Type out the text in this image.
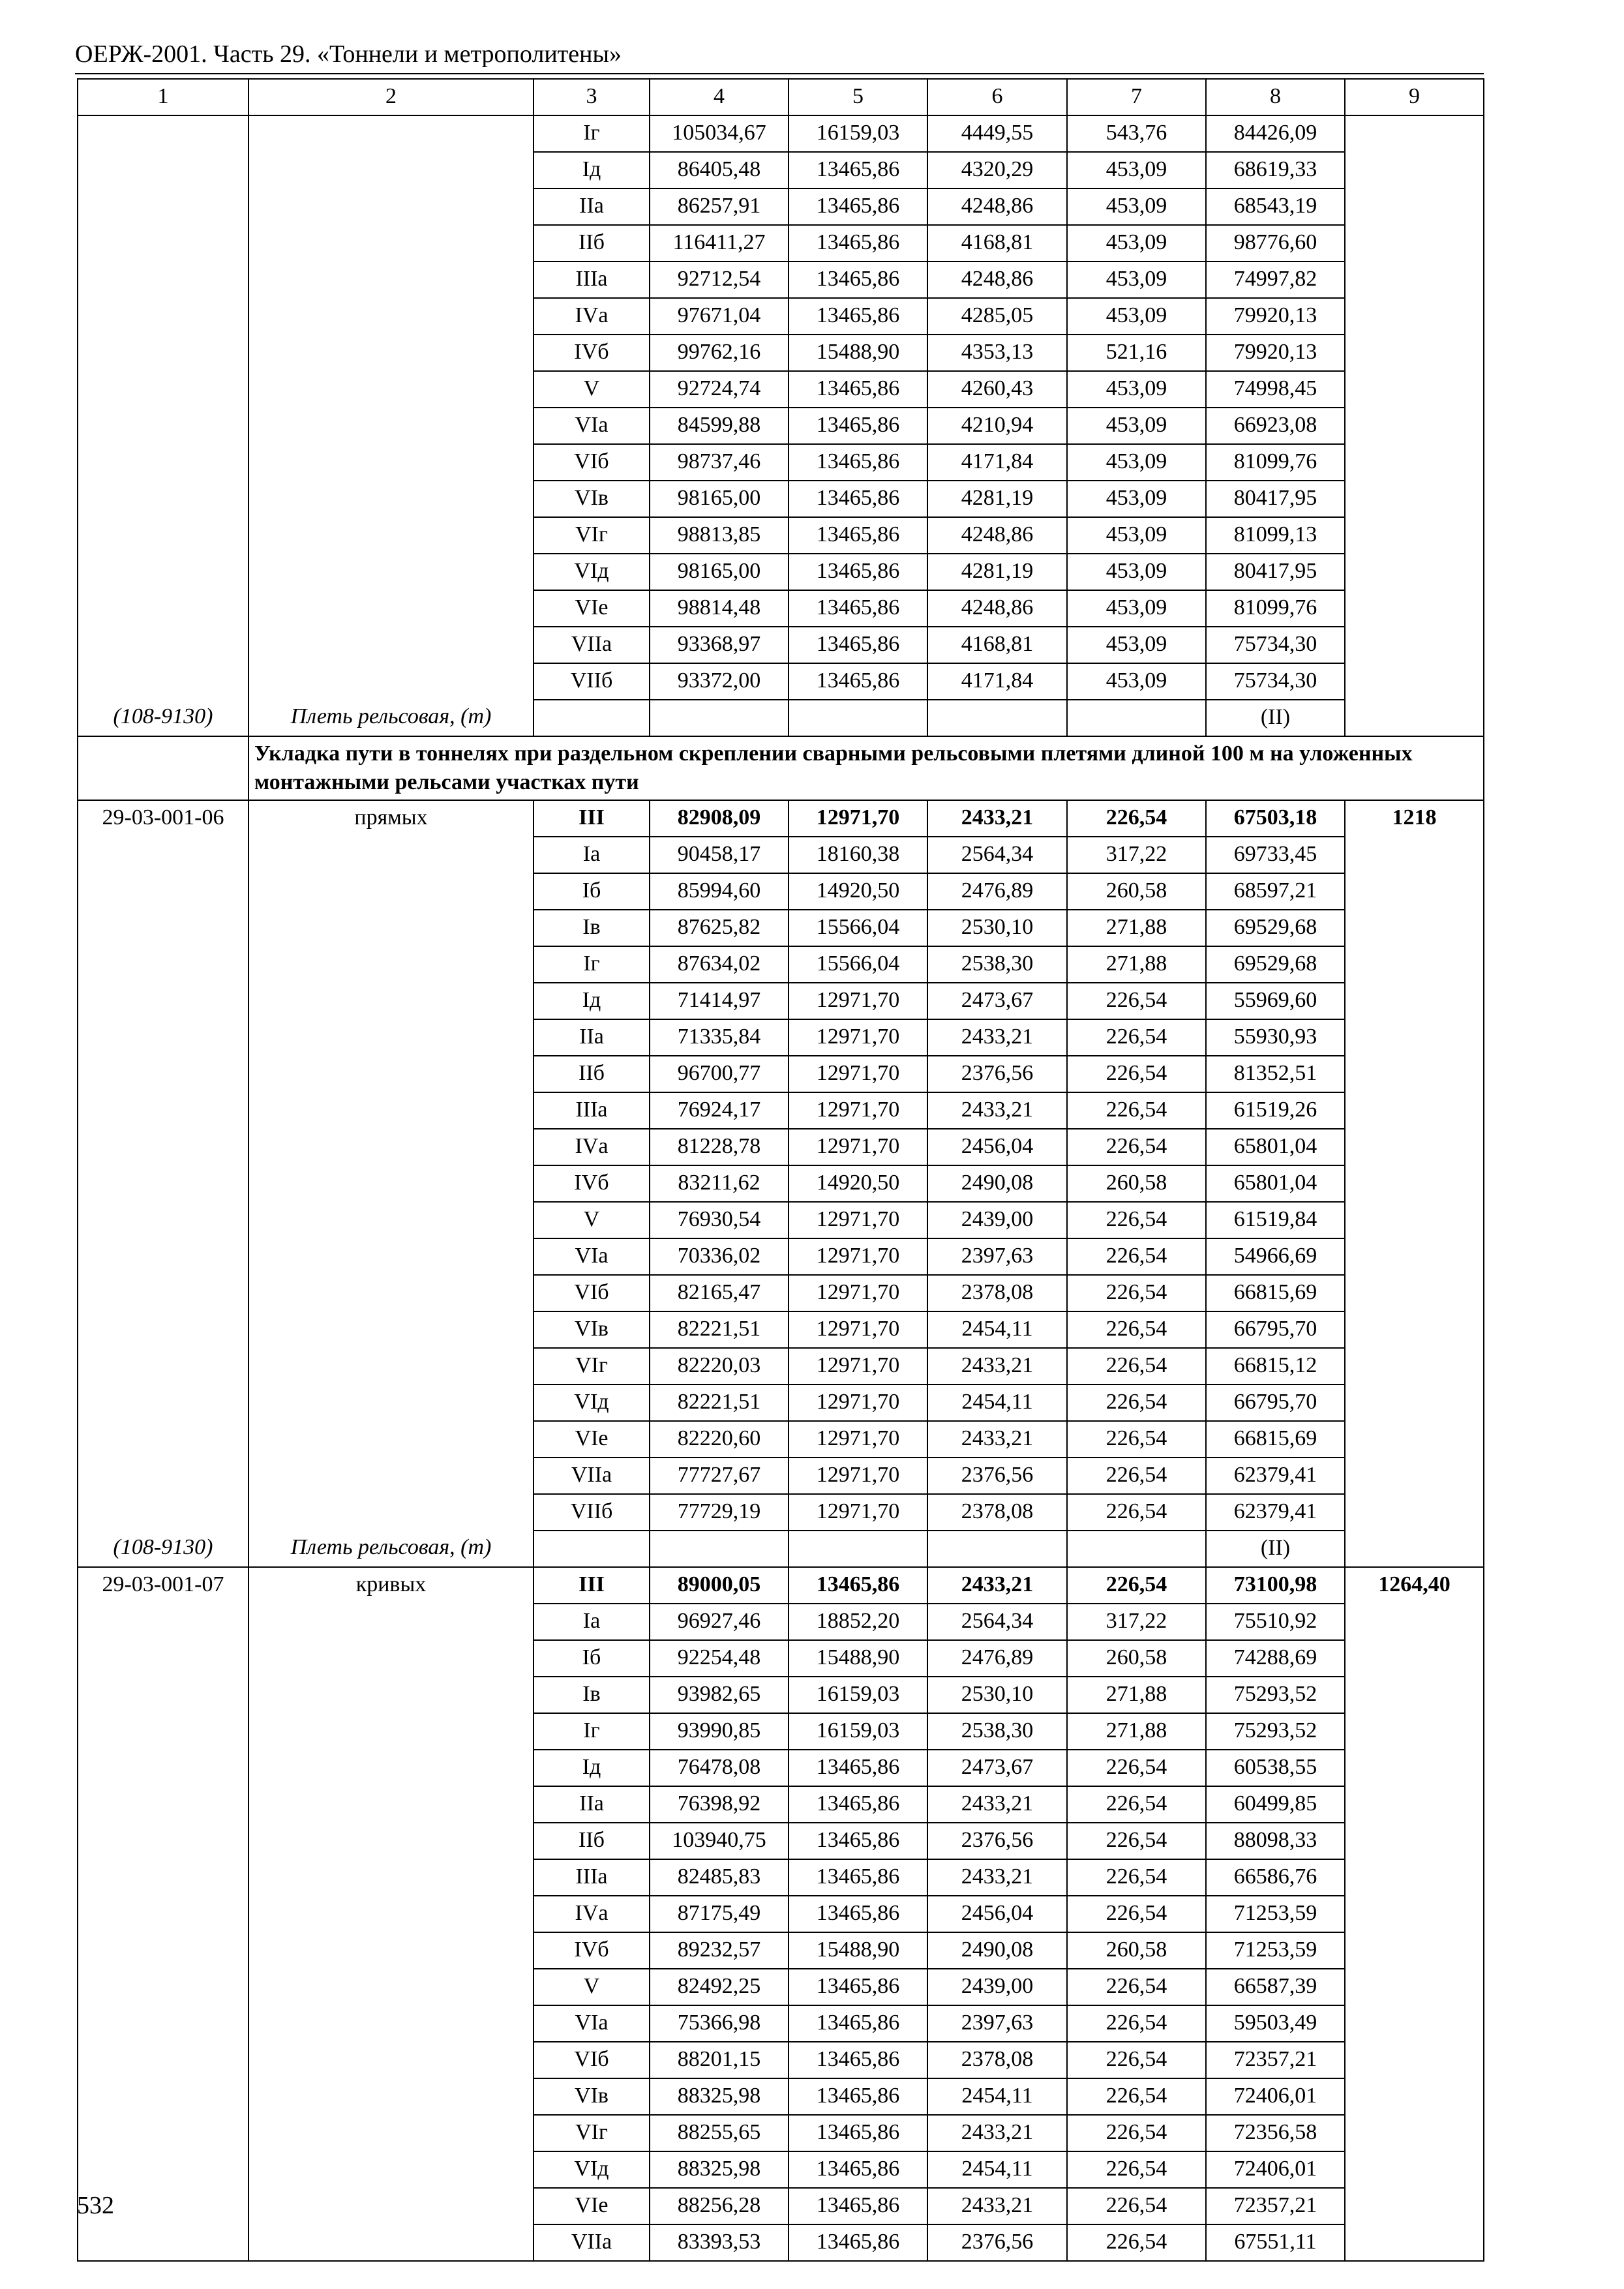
ОЕРЖ-2001. Часть 29. «Тоннели и метрополитены»
1	2	3	4	5	6	7	8	9
		Iг	105034,67	16159,03	4449,55	543,76	84426,09	
		Iд	86405,48	13465,86	4320,29	453,09	68619,33	
		IIа	86257,91	13465,86	4248,86	453,09	68543,19	
		IIб	116411,27	13465,86	4168,81	453,09	98776,60	
		IIIа	92712,54	13465,86	4248,86	453,09	74997,82	
		IVа	97671,04	13465,86	4285,05	453,09	79920,13	
		IVб	99762,16	15488,90	4353,13	521,16	79920,13	
		V	92724,74	13465,86	4260,43	453,09	74998,45	
		VIа	84599,88	13465,86	4210,94	453,09	66923,08	
		VIб	98737,46	13465,86	4171,84	453,09	81099,76	
		VIв	98165,00	13465,86	4281,19	453,09	80417,95	
		VIг	98813,85	13465,86	4248,86	453,09	81099,13	
		VIд	98165,00	13465,86	4281,19	453,09	80417,95	
		VIе	98814,48	13465,86	4248,86	453,09	81099,76	
		VIIа	93368,97	13465,86	4168,81	453,09	75734,30	
		VIIб	93372,00	13465,86	4171,84	453,09	75734,30	
(108-9130)	Плеть рельсовая, (т)						(II)	
	Укладка пути в тоннелях при раздельном скреплении сварными рельсовыми плетями длиной 100 м на уложенных монтажными рельсами участках пути							
29-03-001-06	прямых	III	82908,09	12971,70	2433,21	226,54	67503,18	1218
		Iа	90458,17	18160,38	2564,34	317,22	69733,45	
		Iб	85994,60	14920,50	2476,89	260,58	68597,21	
		Iв	87625,82	15566,04	2530,10	271,88	69529,68	
		Iг	87634,02	15566,04	2538,30	271,88	69529,68	
		Iд	71414,97	12971,70	2473,67	226,54	55969,60	
		IIа	71335,84	12971,70	2433,21	226,54	55930,93	
		IIб	96700,77	12971,70	2376,56	226,54	81352,51	
		IIIа	76924,17	12971,70	2433,21	226,54	61519,26	
		IVа	81228,78	12971,70	2456,04	226,54	65801,04	
		IVб	83211,62	14920,50	2490,08	260,58	65801,04	
		V	76930,54	12971,70	2439,00	226,54	61519,84	
		VIа	70336,02	12971,70	2397,63	226,54	54966,69	
		VIб	82165,47	12971,70	2378,08	226,54	66815,69	
		VIв	82221,51	12971,70	2454,11	226,54	66795,70	
		VIг	82220,03	12971,70	2433,21	226,54	66815,12	
		VIд	82221,51	12971,70	2454,11	226,54	66795,70	
		VIе	82220,60	12971,70	2433,21	226,54	66815,69	
		VIIа	77727,67	12971,70	2376,56	226,54	62379,41	
		VIIб	77729,19	12971,70	2378,08	226,54	62379,41	
(108-9130)	Плеть рельсовая, (т)						(II)	
29-03-001-07	кривых	III	89000,05	13465,86	2433,21	226,54	73100,98	1264,40
		Iа	96927,46	18852,20	2564,34	317,22	75510,92	
		Iб	92254,48	15488,90	2476,89	260,58	74288,69	
		Iв	93982,65	16159,03	2530,10	271,88	75293,52	
		Iг	93990,85	16159,03	2538,30	271,88	75293,52	
		Iд	76478,08	13465,86	2473,67	226,54	60538,55	
		IIа	76398,92	13465,86	2433,21	226,54	60499,85	
		IIб	103940,75	13465,86	2376,56	226,54	88098,33	
		IIIа	82485,83	13465,86	2433,21	226,54	66586,76	
		IVа	87175,49	13465,86	2456,04	226,54	71253,59	
		IVб	89232,57	15488,90	2490,08	260,58	71253,59	
		V	82492,25	13465,86	2439,00	226,54	66587,39	
		VIа	75366,98	13465,86	2397,63	226,54	59503,49	
		VIб	88201,15	13465,86	2378,08	226,54	72357,21	
		VIв	88325,98	13465,86	2454,11	226,54	72406,01	
		VIг	88255,65	13465,86	2433,21	226,54	72356,58	
		VIд	88325,98	13465,86	2454,11	226,54	72406,01	
		VIе	88256,28	13465,86	2433,21	226,54	72357,21	
		VIIа	83393,53	13465,86	2376,56	226,54	67551,11	
532
